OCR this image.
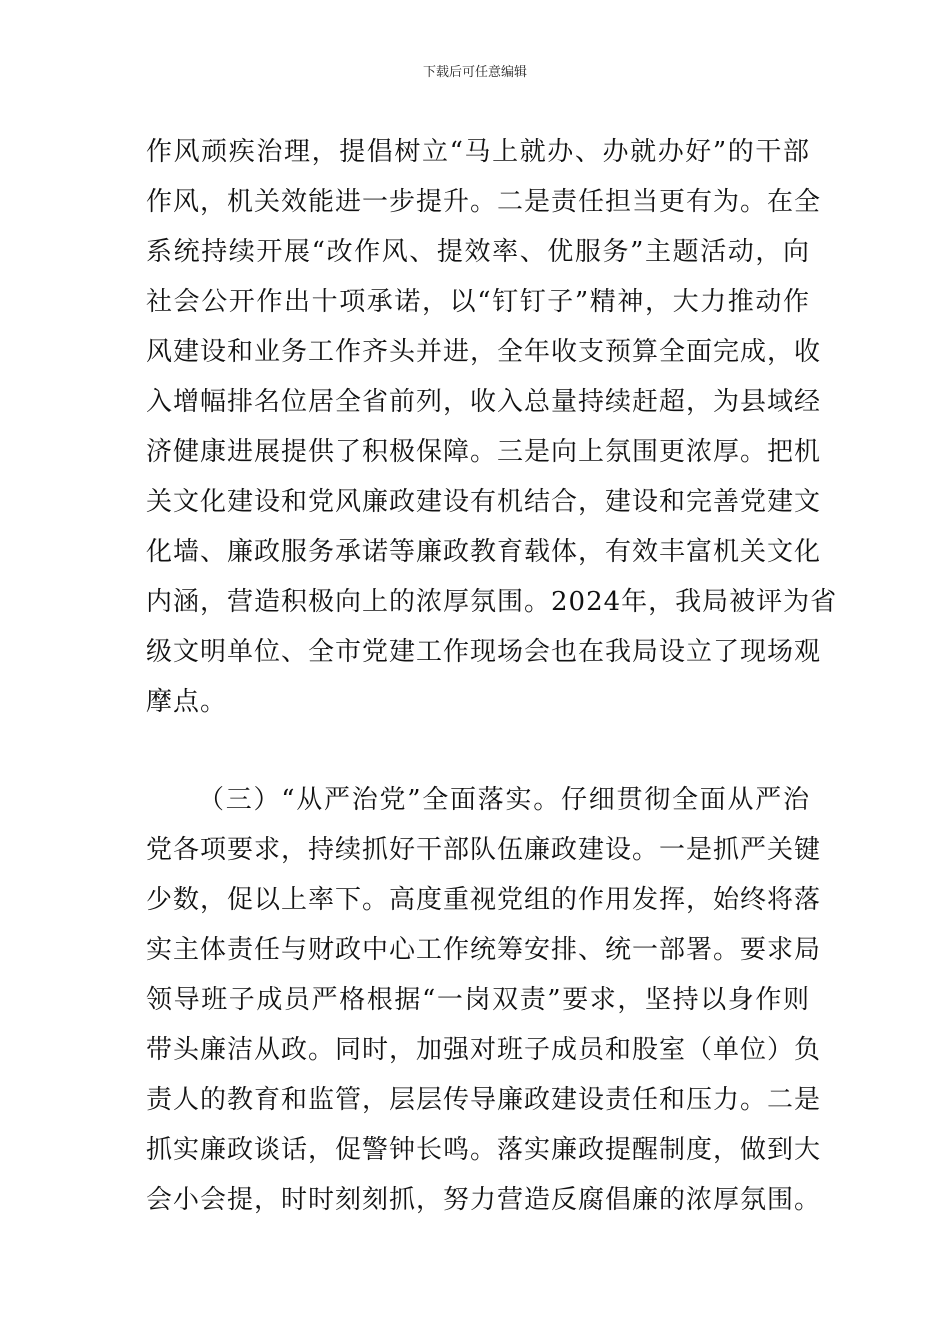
下载后可任意编辑
作风顽疾治理，提倡树立“马上就办、办就办好”的干部
作风，机关效能进一步提升。二是责任担当更有为。在全
系统持续开展“改作风、提效率、优服务”主题活动，向
社会公开作出十项承诺，以“钉钉子”精神，大力推动作
风建设和业务工作齐头并进，全年收支预算全面完成，收
入增幅排名位居全省前列，收入总量持续赶超，为县域经
济健康进展提供了积极保障。三是向上氛围更浓厚。把机
关文化建设和党风廉政建设有机结合，建设和完善党建文
化墙、廉政服务承诺等廉政教育载体，有效丰富机关文化
内涵，营造积极向上的浓厚氛围。2024年，我局被评为省
级文明单位、全市党建工作现场会也在我局设立了现场观
摩点。
（三）“从严治党”全面落实。仔细贯彻全面从严治
党各项要求，持续抓好干部队伍廉政建设。一是抓严关键
少数，促以上率下。高度重视党组的作用发挥，始终将落
实主体责任与财政中心工作统筹安排、统一部署。要求局
领导班子成员严格根据“一岗双责”要求，坚持以身作则
带头廉洁从政。同时，加强对班子成员和股室（单位）负
责人的教育和监管，层层传导廉政建设责任和压力。二是
抓实廉政谈话，促警钟长鸣。落实廉政提醒制度，做到大
会小会提，时时刻刻抓，努力营造反腐倡廉的浓厚氛围。
